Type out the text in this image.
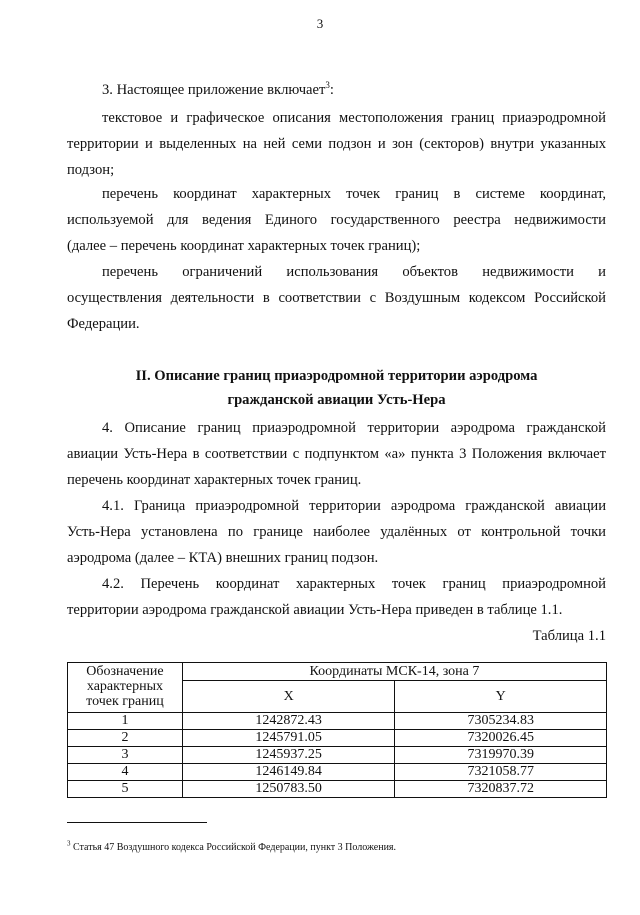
3
3. Настоящее приложение включает$^3$:
текстовое и графическое описания местоположения границ приаэродромной
территории и выделенных на ней семи подзон и зон (секторов) внутри указанных
подзон;
перечень координат характерных точек границ в системе координат,
используемой для ведения Единого государственного реестра недвижимости
(далее – перечень координат характерных точек границ);
перечень ограничений использования объектов недвижимости и
осуществления деятельности в соответствии с Воздушным кодексом Российской
Федерации.
II. Описание границ приаэродромной территории аэродрома
гражданской авиации Усть-Нера
4. Описание границ приаэродромной территории аэродрома гражданской
авиации Усть-Нера в соответствии с подпунктом «а» пункта 3 Положения включает
перечень координат характерных точек границ.
4.1. Граница приаэродромной территории аэродрома гражданской авиации
Усть-Нера установлена по границе наиболее удалённых от контрольной точки
аэродрома (далее – КТА) внешних границ подзон.
4.2. Перечень координат характерных точек границ приаэродромной
территории аэродрома гражданской авиации Усть-Нера приведен в таблице 1.1.
Таблица 1.1
Обозначение
характерных
точек границ	Координаты МСК-14, зона 7	
	X	Y
1	1242872.43	7305234.83
2	1245791.05	7320026.45
3	1245937.25	7319970.39
4	1246149.84	7321058.77
5	1250783.50	7320837.72
$^3$ Статья 47 Воздушного кодекса Российской Федерации, пункт 3 Положения.
